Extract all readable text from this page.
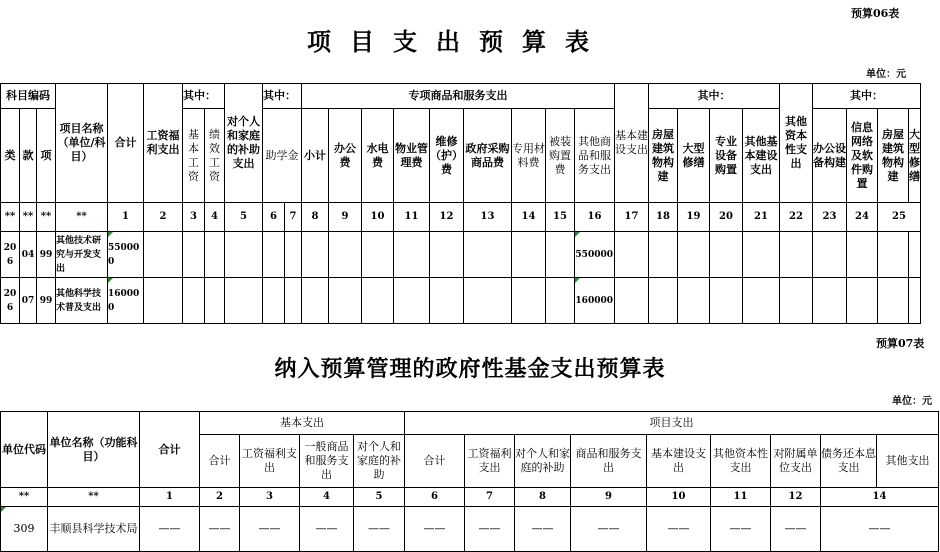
预算06表
项目支出预算表
单位：元
科目编码			项目名称（单位/科目）	合计	工资福利支出	其中：		对个人和家庭的补助支出	其中：		专项商品和服务支出									基本建设支出	其中：				其他资本性支出	其中：			
类	款	项				基本工资	绩效工资		助学金		小计	办公费	水电费	物业管理费	维修（护）费	政府采购商品费	专用材料费	被装购置费	其他商品和服务支出		房屋建筑物构建	大型修缮	专业设备购置	其他基本建设支出		办公设备构建	信息网络及软件购置	房屋建筑物构建	大型修缮
**	**	**	**	1	2	3	4	5	6	7	8	9	10	11	12	13	14	15	16	17	18	19	20	21	22	23	24	25	
206	04	99	其他技术研究与开发支出	550000															550000										
206	07	99	其他科学技术普及支出	160000															160000										
预算07表
纳入预算管理的政府性基金支出预算表
单位：元
单位代码	单位名称（功能科目）	合计	基本支出				项目支出								
			合计	工资福利支出	一般商品和服务支出	对个人和家庭的补助	合计	工资福利支出	对个人和家庭的补助	商品和服务支出	基本建设支出	其他资本性支出	对附属单位支出	债务还本息支出	其他支出
**	**	1	2	3	4	5	6	7	8	9	10	11	12	14	
309	丰顺县科学技术局	——	——	——	——	——	——	——	——	——	——	——	——	——	
